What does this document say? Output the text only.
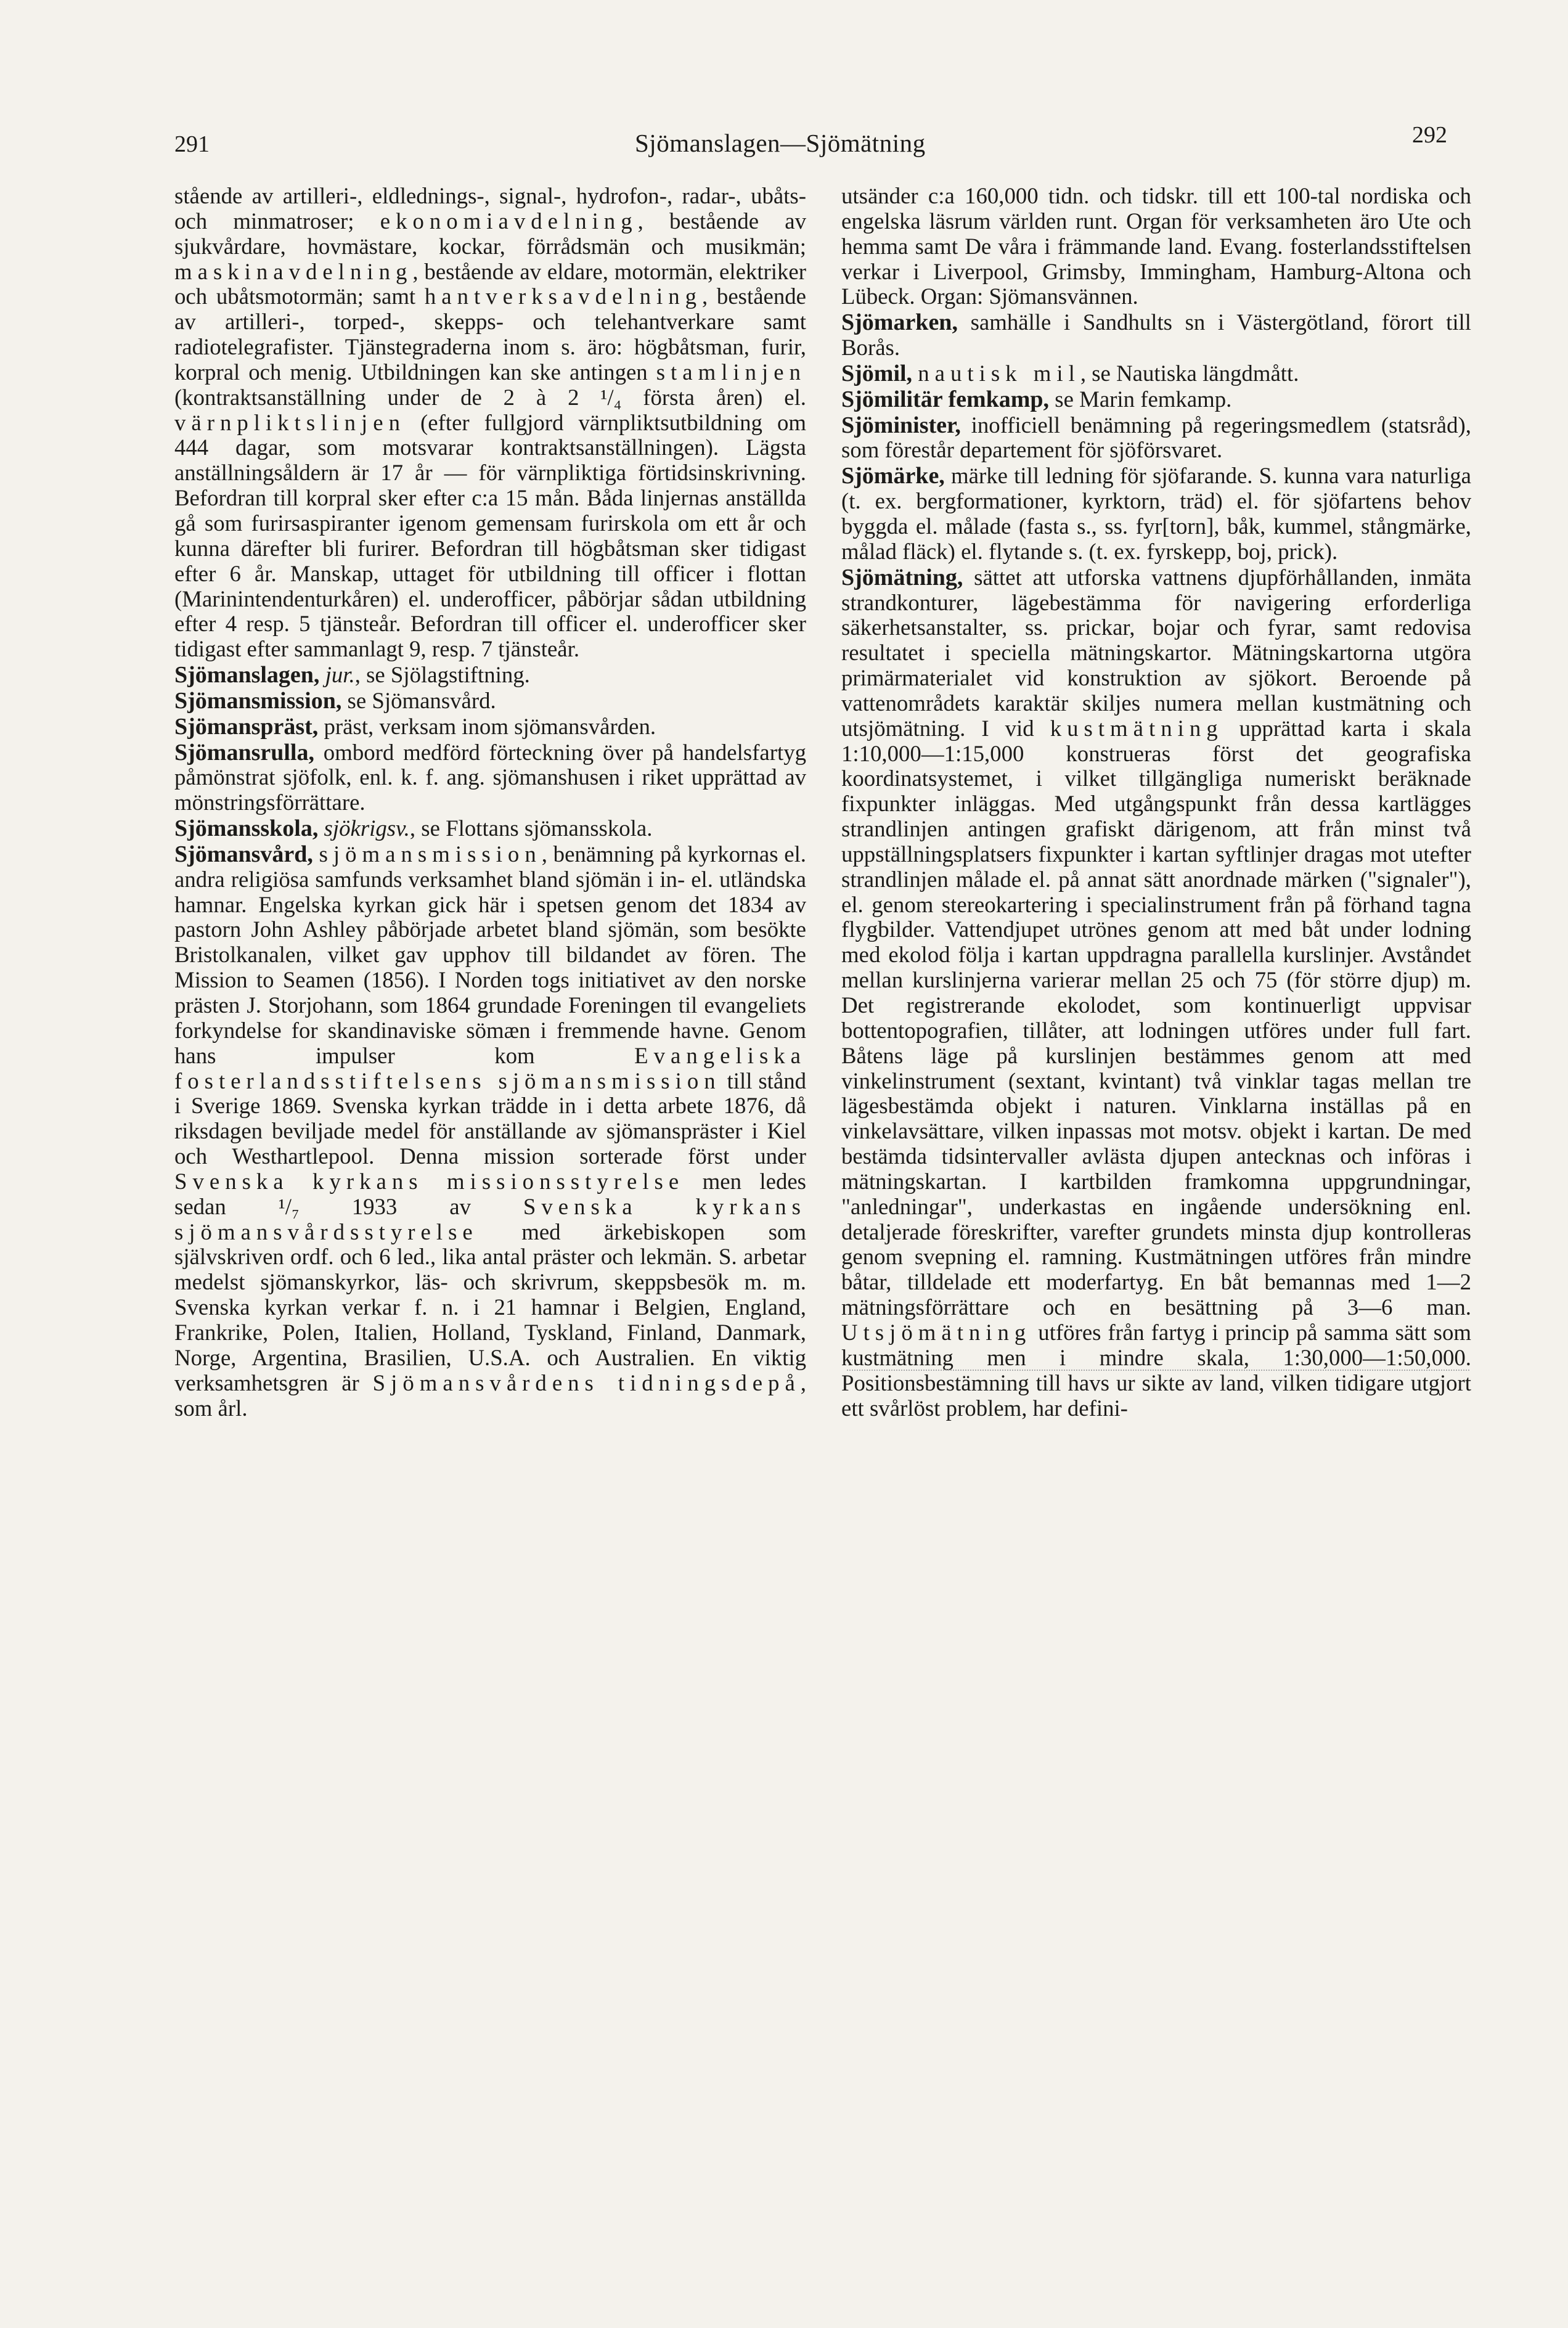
291	Sjömanslagen—Sjömätning	292

stående av artilleri-, eldlednings-, signal-, hydrofon-, radar-, ubåts- och minmatroser; ekonomiavdelning, bestående av sjukvårdare, hovmästare, kockar, förrådsmän och musikmän; maskinavdelning, bestående av eldare, motormän, elektriker och ubåtsmotormän; samt hantverksavdelning, bestående av artilleri-, torped-, skepps- och telehantverkare samt radiotelegrafister. Tjänstegraderna inom s. äro: högbåtsman, furir, korpral och menig. Utbildningen kan ske antingen stamlinjen (kontraktsanställning under de 2 à 2 ¹/₄ första åren) el. värnpliktslinjen (efter fullgjord värnpliktsutbildning om 444 dagar, som motsvarar kontraktsanställningen). Lägsta anställningsåldern är 17 år — för värnpliktiga förtidsinskrivning. Befordran till korpral sker efter c:a 15 mån. Båda linjernas anställda gå som furirsaspiranter igenom gemensam furirskola om ett år och kunna därefter bli furirer. Befordran till högbåtsman sker tidigast efter 6 år. Manskap, uttaget för utbildning till officer i flottan (Marinintendenturkåren) el. underofficer, påbörjar sådan utbildning efter 4 resp. 5 tjänsteår. Befordran till officer el. underofficer sker tidigast efter sammanlagt 9, resp. 7 tjänsteår.

Sjömanslagen, jur., se Sjölagstiftning.

Sjömansmission, se Sjömansvård.

Sjömanspräst, präst, verksam inom sjömansvården.

Sjömansrulla, ombord medförd förteckning över på handelsfartyg påmönstrat sjöfolk, enl. k. f. ang. sjömanshusen i riket upprättad av mönstringsförrättare.

Sjömansskola, sjökrigsv., se Flottans sjömansskola.

Sjömansvård, sjömansmission, benämning på kyrkornas el. andra religiösa samfunds verksamhet bland sjömän i in- el. utländska hamnar. Engelska kyrkan gick här i spetsen genom det 1834 av pastorn John Ashley påbörjade arbetet bland sjömän, som besökte Bristolkanalen, vilket gav upphov till bildandet av fören. The Mission to Seamen (1856). I Norden togs initiativet av den norske prästen J. Storjohann, som 1864 grundade Foreningen til evangeliets forkyndelse for skandinaviske sömæn i fremmende havne. Genom hans impulser kom Evangeliska fosterlandsstiftelsens sjömansmission till stånd i Sverige 1869. Svenska kyrkan trädde in i detta arbete 1876, då riksdagen beviljade medel för anställande av sjömanspräster i Kiel och Westhartlepool. Denna mission sorterade först under Svenska kyrkans missionsstyrelse men ledes sedan ¹/₇ 1933 av Svenska kyrkans sjömansvårdsstyrelse med ärkebiskopen som självskriven ordf. och 6 led., lika antal präster och lekmän. S. arbetar medelst sjömanskyrkor, läs- och skrivrum, skeppsbesök m. m. Svenska kyrkan verkar f. n. i 21 hamnar i Belgien, England, Frankrike, Polen, Italien, Holland, Tyskland, Finland, Danmark, Norge, Argentina, Brasilien, U.S.A. och Australien. En viktig verksamhetsgren är Sjömansvårdens tidningsdepå, som årl.

utsänder c:a 160,000 tidn. och tidskr. till ett 100-tal nordiska och engelska läsrum världen runt. Organ för verksamheten äro Ute och hemma samt De våra i främmande land. Evang. fosterlandsstiftelsen verkar i Liverpool, Grimsby, Immingham, Hamburg-Altona och Lübeck. Organ: Sjömansvännen.

Sjömarken, samhälle i Sandhults sn i Västergötland, förort till Borås.

Sjömil, nautisk mil, se Nautiska längdmått.

Sjömilitär femkamp, se Marin femkamp.

Sjöminister, inofficiell benämning på regeringsmedlem (statsråd), som förestår departement för sjöförsvaret.

Sjömärke, märke till ledning för sjöfarande. S. kunna vara naturliga (t. ex. bergformationer, kyrktorn, träd) el. för sjöfartens behov byggda el. målade (fasta s., ss. fyr[torn], båk, kummel, stångmärke, målad fläck) el. flytande s. (t. ex. fyrskepp, boj, prick).

Sjömätning, sättet att utforska vattnens djupförhållanden, inmäta strandkonturer, lägebestämma för navigering erforderliga säkerhetsanstalter, ss. prickar, bojar och fyrar, samt redovisa resultatet i speciella mätningskartor. Mätningskartorna utgöra primärmaterialet vid konstruktion av sjökort. Beroende på vattenområdets karaktär skiljes numera mellan kustmätning och utsjömätning. I vid kustmätning upprättad karta i skala 1:10,000—1:15,000 konstrueras först det geografiska koordinatsystemet, i vilket tillgängliga numeriskt beräknade fixpunkter inläggas. Med utgångspunkt från dessa kartlägges strandlinjen antingen grafiskt därigenom, att från minst två uppställningsplatsers fixpunkter i kartan syftlinjer dragas mot utefter strandlinjen målade el. på annat sätt anordnade märken ("signaler"), el. genom stereokartering i specialinstrument från på förhand tagna flygbilder. Vattendjupet utrönes genom att med båt under lodning med ekolod följa i kartan uppdragna parallella kurslinjer. Avståndet mellan kurslinjerna varierar mellan 25 och 75 (för större djup) m. Det registrerande ekolodet, som kontinuerligt uppvisar bottentopografien, tillåter, att lodningen utföres under full fart. Båtens läge på kurslinjen bestämmes genom att med vinkelinstrument (sextant, kvintant) två vinklar tagas mellan tre lägesbestämda objekt i naturen. Vinklarna inställas på en vinkelavsättare, vilken inpassas mot motsv. objekt i kartan. De med bestämda tidsintervaller avlästa djupen antecknas och införas i mätningskartan. I kartbilden framkomna uppgrundningar, "anledningar", underkastas en ingående undersökning enl. detaljerade föreskrifter, varefter grundets minsta djup kontrolleras genom svepning el. ramning. Kustmätningen utföres från mindre båtar, tilldelade ett moderfartyg. En båt bemannas med 1—2 mätningsförrättare och en besättning på 3—6 man. Utsjömätning utföres från fartyg i princip på samma sätt som kustmätning men i mindre skala, 1:30,000—1:50,000. Positionsbestämning till havs ur sikte av land, vilken tidigare utgjort ett svårlöst problem, har defini-
